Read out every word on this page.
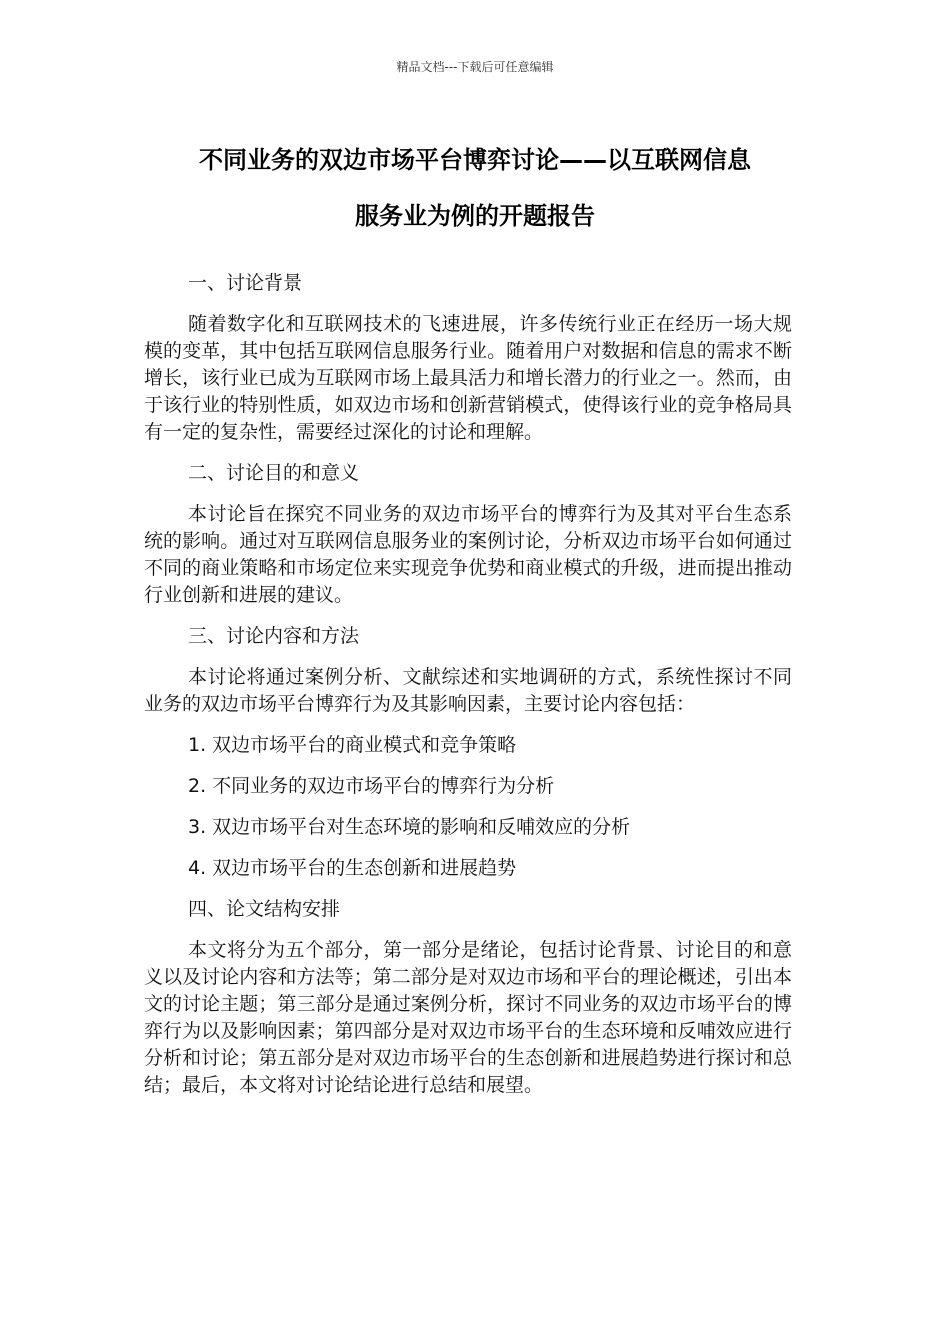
精品文档---下载后可任意编辑
不同业务的双边市场平台博弈讨论——以互联网信息
服务业为例的开题报告
一、讨论背景
随着数字化和互联网技术的飞速进展，许多传统行业正在经历一场大规模的变革，其中包括互联网信息服务行业。随着用户对数据和信息的需求不断增长，该行业已成为互联网市场上最具活力和增长潜力的行业之一。然而，由于该行业的特别性质，如双边市场和创新营销模式，使得该行业的竞争格局具有一定的复杂性，需要经过深化的讨论和理解。
二、讨论目的和意义
本讨论旨在探究不同业务的双边市场平台的博弈行为及其对平台生态系统的影响。通过对互联网信息服务业的案例讨论，分析双边市场平台如何通过不同的商业策略和市场定位来实现竞争优势和商业模式的升级，进而提出推动行业创新和进展的建议。
三、讨论内容和方法
本讨论将通过案例分析、文献综述和实地调研的方式，系统性探讨不同业务的双边市场平台博弈行为及其影响因素，主要讨论内容包括：
1. 双边市场平台的商业模式和竞争策略
2. 不同业务的双边市场平台的博弈行为分析
3. 双边市场平台对生态环境的影响和反哺效应的分析
4. 双边市场平台的生态创新和进展趋势
四、论文结构安排
本文将分为五个部分，第一部分是绪论，包括讨论背景、讨论目的和意义以及讨论内容和方法等；第二部分是对双边市场和平台的理论概述，引出本文的讨论主题；第三部分是通过案例分析，探讨不同业务的双边市场平台的博弈行为以及影响因素；第四部分是对双边市场平台的生态环境和反哺效应进行分析和讨论；第五部分是对双边市场平台的生态创新和进展趋势进行探讨和总结；最后，本文将对讨论结论进行总结和展望。
